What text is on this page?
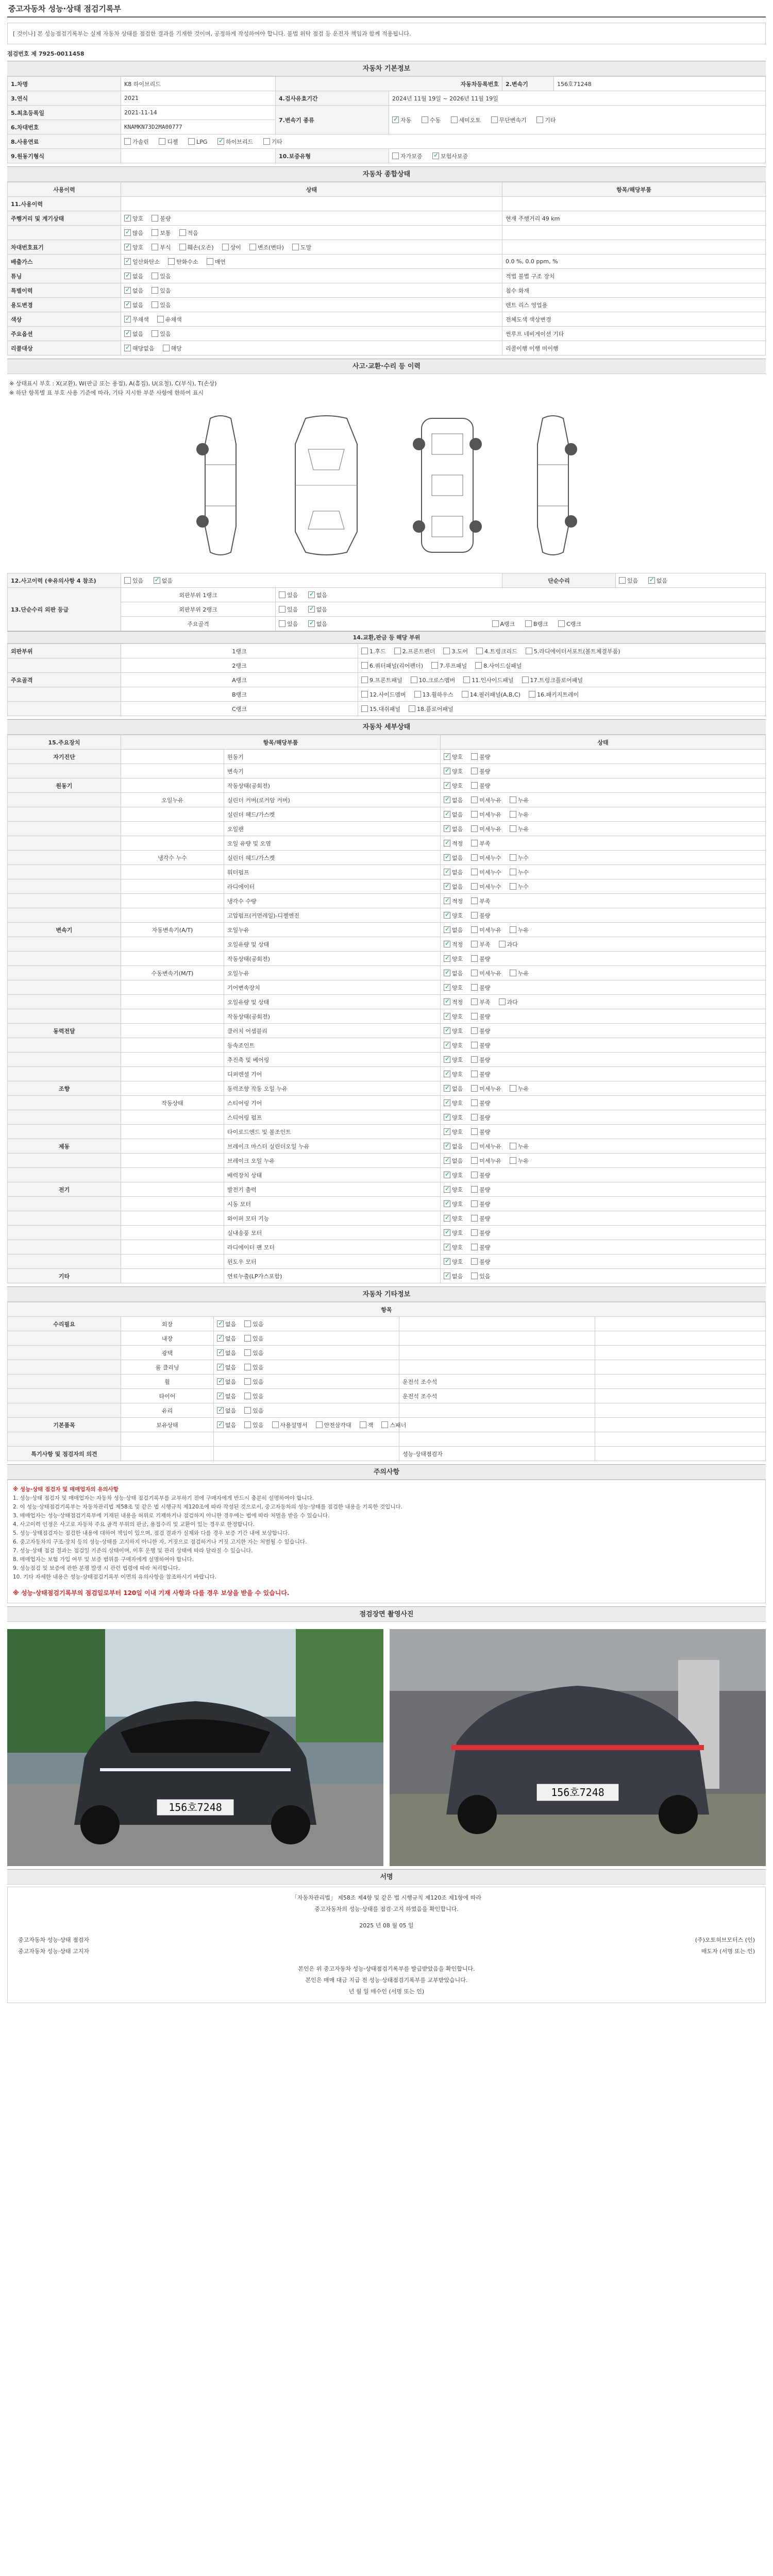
중고자동차 성능·상태 점검기록부
[ 것이나] 본 성능점검기록부는 실제 자동차 상태를 점검한 결과를 기재한 것이며, 공정하게 작성하여야 합니다. 불법 위탁 점검 등 운전자 책임과 함께 적용됩니다.
점검번호 제 7925-0011458
자동차 기본정보
1.차명	K8 하이브리드	자동차등록번호		2.변속기	156호71248
3.연식	2021	4.검사유효기간	2024년 11월 19일 ~ 2026년 11월 19일		
5.최초등록일	2021-11-14	7.변속기 종류	✓자동 수동 세미오토 무단변속기 기타
6.차대번호	KNAMKN73D2MA00777				
8.사용연료	가솔린 디젤 LPG ✓ 하이브리드 기타
9.원동기형식		10.보증유형	자가보증 ✓ 보험사보증
자동차 종합상태
사용이력	상태	항목/해당부품
11.사용이력		
주행거리 및 계기상태	✓양호 불량	현재 주행거리 49 km
	✓많음 보통 적음	
차대번호표기	✓양호 부식 훼손(오손) 상이 변조(변타) 도말	
배출가스	✓일산화탄소 탄화수소 매연	0.0 %, 0.0 ppm, %
튜닝	✓없음 있음	적법 불법 구조 장치
특별이력	✓없음 있음	침수 화재
용도변경	✓없음 있음	렌트 리스 영업용
색상	✓무채색 유채색	전체도색 색상변경
주요옵션	✓없음 있음	썬루프 네비게이션 기타
리콜대상	✓해당없음 해당	리콜이행 이행 미이행
사고·교환·수리 등 이력
※ 상태표시 부호 : X(교환), W(판금 또는 용접), A(흠집), U(요철), C(부식), T(손상)
※ 하단 항목별 표 부호 사용 기준에 따라, 기타 지시한 부분 사항에 한하여 표시
12.사고이력 (※유의사항 4 참조)	있음 ✓ 없음		단순수리	있음 ✓ 없음
13.단순수리 외판 등급	외판부위 1랭크	있음 ✓ 없음
	외판부위 2랭크	있음 ✓ 없음
	주요골격	있음 ✓ 없음 A랭크 B랭크 C랭크
14.교환,판금 등 해당 부위
외판부위	1랭크	1.후드 2.프론트펜더 3.도어 4.트렁크리드 5.라디에이터서포트(볼트체결부품)
	2랭크	6.쿼터패널(리어펜더) 7.루프패널 8.사이드실패널
주요골격	A랭크	9.프론트패널 10.크로스멤버 11.인사이드패널 17.트렁크플로어패널
	B랭크	12.사이드멤버 13.휠하우스 14.필러패널(A,B,C) 16.패키지트레이
	C랭크	15.대쉬패널 18.플로어패널
자동차 세부상태
15.주요장치	항목/해당부품		상태
자기진단		원동기	✓양호 불량
		변속기	✓양호 불량
원동기		작동상태(공회전)	✓양호 불량
	오일누유	실린더 커버(로커암 커버)	✓없음 미세누유 누유
		실린더 헤드/가스켓	✓없음 미세누유 누유
		오일팬	✓없음 미세누유 누유
		오일 유량 및 오염	✓적정 부족
	냉각수 누수	실린더 헤드/가스켓	✓없음 미세누수 누수
		워터펌프	✓없음 미세누수 누수
		라디에이터	✓없음 미세누수 누수
		냉각수 수량	✓적정 부족
		고압펌프(커먼레일)-디젤엔진	✓양호 불량
변속기	자동변속기(A/T)	오일누유	✓없음 미세누유 누유
		오일유량 및 상태	✓적정 부족 과다
		작동상태(공회전)	✓양호 불량
	수동변속기(M/T)	오일누유	✓없음 미세누유 누유
		기어변속장치	✓양호 불량
		오일유량 및 상태	✓적정 부족 과다
		작동상태(공회전)	✓양호 불량
동력전달		클러치 어셈블리	✓양호 불량
		등속조인트	✓양호 불량
		추진축 및 베어링	✓양호 불량
		디퍼렌셜 기어	✓양호 불량
조향		동력조향 작동 오일 누유	✓없음 미세누유 누유
	작동상태	스티어링 기어	✓양호 불량
		스티어링 펌프	✓양호 불량
		타이로드엔드 및 볼조인트	✓양호 불량
제동		브레이크 마스터 실린더오일 누유	✓없음 미세누유 누유
		브레이크 오일 누유	✓없음 미세누유 누유
		배력장치 상태	✓양호 불량
전기		발전기 출력	✓양호 불량
		시동 모터	✓양호 불량
		와이퍼 모터 기능	✓양호 불량
		실내송풍 모터	✓양호 불량
		라디에이터 팬 모터	✓양호 불량
		윈도우 모터	✓양호 불량
기타		연료누출(LP가스포함)	✓없음 있음
자동차 기타정보
항목				
수리필요	외장	✓없음 있음		
	내장	✓없음 있음		
	광택	✓없음 있음		
	룸 클리닝	✓없음 있음		
	휠	✓없음 있음	운전석 조수석	
	타이어	✓없음 있음	운전석 조수석	
	유리	✓없음 있음		
기본품목	보유상태	✓없음 있음 사용설명서 안전삼각대 잭 스패너		

특기사항 및 점검자의 의견			성능·상태점검자	
주의사항

※ 성능·상태 점검자 및 매매업자의 유의사항

1. 성능·상태 점검자 및 매매업자는 자동차 성능·상태 점검기록부를 교부하기 전에 구매자에게 반드시 충분히 설명하여야 합니다.

2. 이 성능·상태점검기록부는 자동차관리법 제58조 및 같은 법 시행규칙 제120조에 따라 작성된 것으로서, 중고자동차의 성능·상태를 점검한 내용을 기록한 것입니다.

3. 매매업자는 성능·상태점검기록부에 기재된 내용을 허위로 기재하거나 점검하지 아니한 경우에는 법에 따라 처벌을 받을 수 있습니다.

4. 사고이력 인정은 사고로 자동차 주요 골격 부위의 판금, 용접수리 및 교환이 있는 경우로 한정합니다.

5. 성능·상태점검자는 점검한 내용에 대하여 책임이 있으며, 점검 결과가 실제와 다를 경우 보증 기간 내에 보상합니다.

6. 중고자동차의 구조·장치 등의 성능·상태를 고지하지 아니한 자, 거짓으로 점검하거나 거짓 고지한 자는 처벌될 수 있습니다.

7. 성능·상태 점검 결과는 점검일 기준의 상태이며, 이후 운행 및 관리 상태에 따라 달라질 수 있습니다.

8. 매매업자는 보험 가입 여부 및 보증 범위를 구매자에게 설명하여야 합니다.

9. 성능점검 및 보증에 관한 분쟁 발생 시 관련 법령에 따라 처리합니다.

10. 기타 자세한 내용은 성능·상태점검기록부 이면의 유의사항을 참조하시기 바랍니다.

※ 성능·상태점검기록부의 점검일로부터 120일 이내 기재 사항과 다를 경우 보상을 받을 수 있습니다.

점검장면 촬영사진
156호7248
156호7248
서명
「자동차관리법」 제58조 제4항 및 같은 법 시행규칙 제120조 제1항에 따라
중고자동차의 성능·상태를 점검·고지 하였음을 확인합니다.
2025 년 08 월 05 일
중고자동차 성능·상태 점검자	(주)오토허브모터스 (인)
중고자동차 성능·상태 고지자	매도자 (서명 또는 인)
본인은 위 중고자동차 성능·상태점검기록부를 발급받았음을 확인합니다.
본인은 매매 대금 지급 전 성능·상태점검기록부를 교부받았습니다.
년 월 일 매수인 (서명 또는 인)
